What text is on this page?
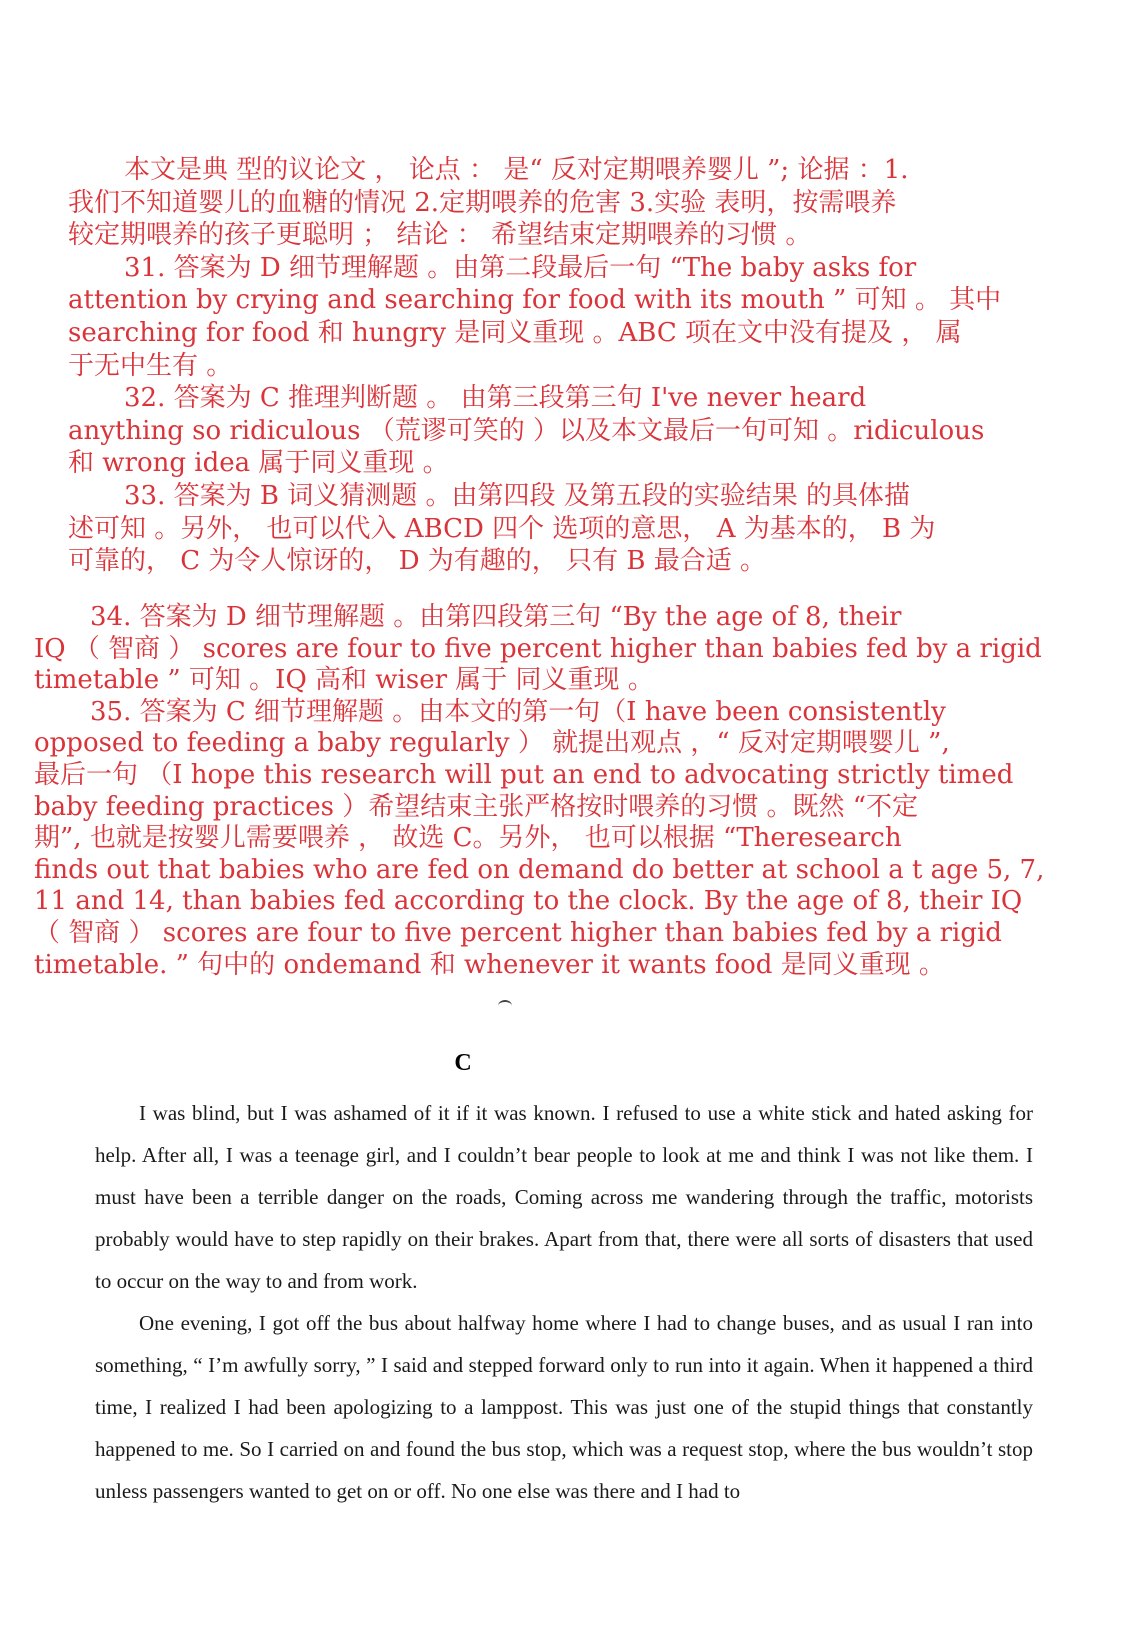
本文是典 型的议论文 ， 论点 ： 是“ 反对定期喂养婴儿 ”; 论据 ：1.
我们不知道婴儿的血糖的情况 2.定期喂养的危害 3.实验 表明，按需喂养
较定期喂养的孩子更聪明 ； 结论 ： 希望结束定期喂养的习惯 。
31. 答案为 D 细节理解题 。由第二段最后一句 “The baby asks for
attention by crying and searching for food with its mouth ” 可知 。 其中
searching for food 和 hungry 是同义重现 。ABC 项在文中没有提及 ， 属
于无中生有 。
32. 答案为 C 推理判断题 。 由第三段第三句 I've never heard
anything so ridiculous （荒谬可笑的 ）以及本文最后一句可知 。ridiculous
和 wrong idea 属于同义重现 。
33. 答案为 B 词义猜测题 。由第四段 及第五段的实验结果 的具体描
述可知 。另外， 也可以代入 ABCD 四个 选项的意思， A 为基本的， B 为
可靠的， C 为令人惊讶的， D 为有趣的， 只有 B 最合适 。
34. 答案为 D 细节理解题 。由第四段第三句 “By the age of 8, their
IQ （ 智商 ） scores are four to five percent higher than babies fed by a rigid
timetable ” 可知 。IQ 高和 wiser 属于 同义重现 。
35. 答案为 C 细节理解题 。由本文的第一句（I have been consistently
opposed to feeding a baby regularly ） 就提出观点 ，“ 反对定期喂婴儿 ”,
最后一句 （I hope this research will put an end to advocating strictly timed
baby feeding practices ）希望结束主张严格按时喂养的习惯 。既然 “不定
期”, 也就是按婴儿需要喂养 ， 故选 C。另外， 也可以根据 “Theresearch
finds out that babies who are fed on demand do better at school a t age 5, 7,
11 and 14, than babies fed according to the clock. By the age of 8, their IQ
（ 智商 ） scores are four to five percent higher than babies fed by a rigid
timetable. ” 句中的 ondemand 和 whenever it wants food 是同义重现 。
C

I was blind, but I was ashamed of it if it was known. I refused to use a white stick and hated asking for help. After all, I was a teenage girl, and I couldn’t bear people to look at me and think I was not like them. I must have been a terrible danger on the roads, Coming across me wandering through the traffic, motorists probably would have to step rapidly on their brakes. Apart from that, there were all sorts of disasters that used to occur on the way to and from work.

One evening, I got off the bus about halfway home where I had to change buses, and as usual I ran into something, “ I’m awfully sorry, ” I said and stepped forward only to run into it again. When it happened a third time, I realized I had been apologizing to a lamppost. This was just one of the stupid things that constantly happened to me. So I carried on and found the bus stop, which was a request stop, where the bus wouldn’t stop unless passengers wanted to get on or off. No one else was there and I had to
